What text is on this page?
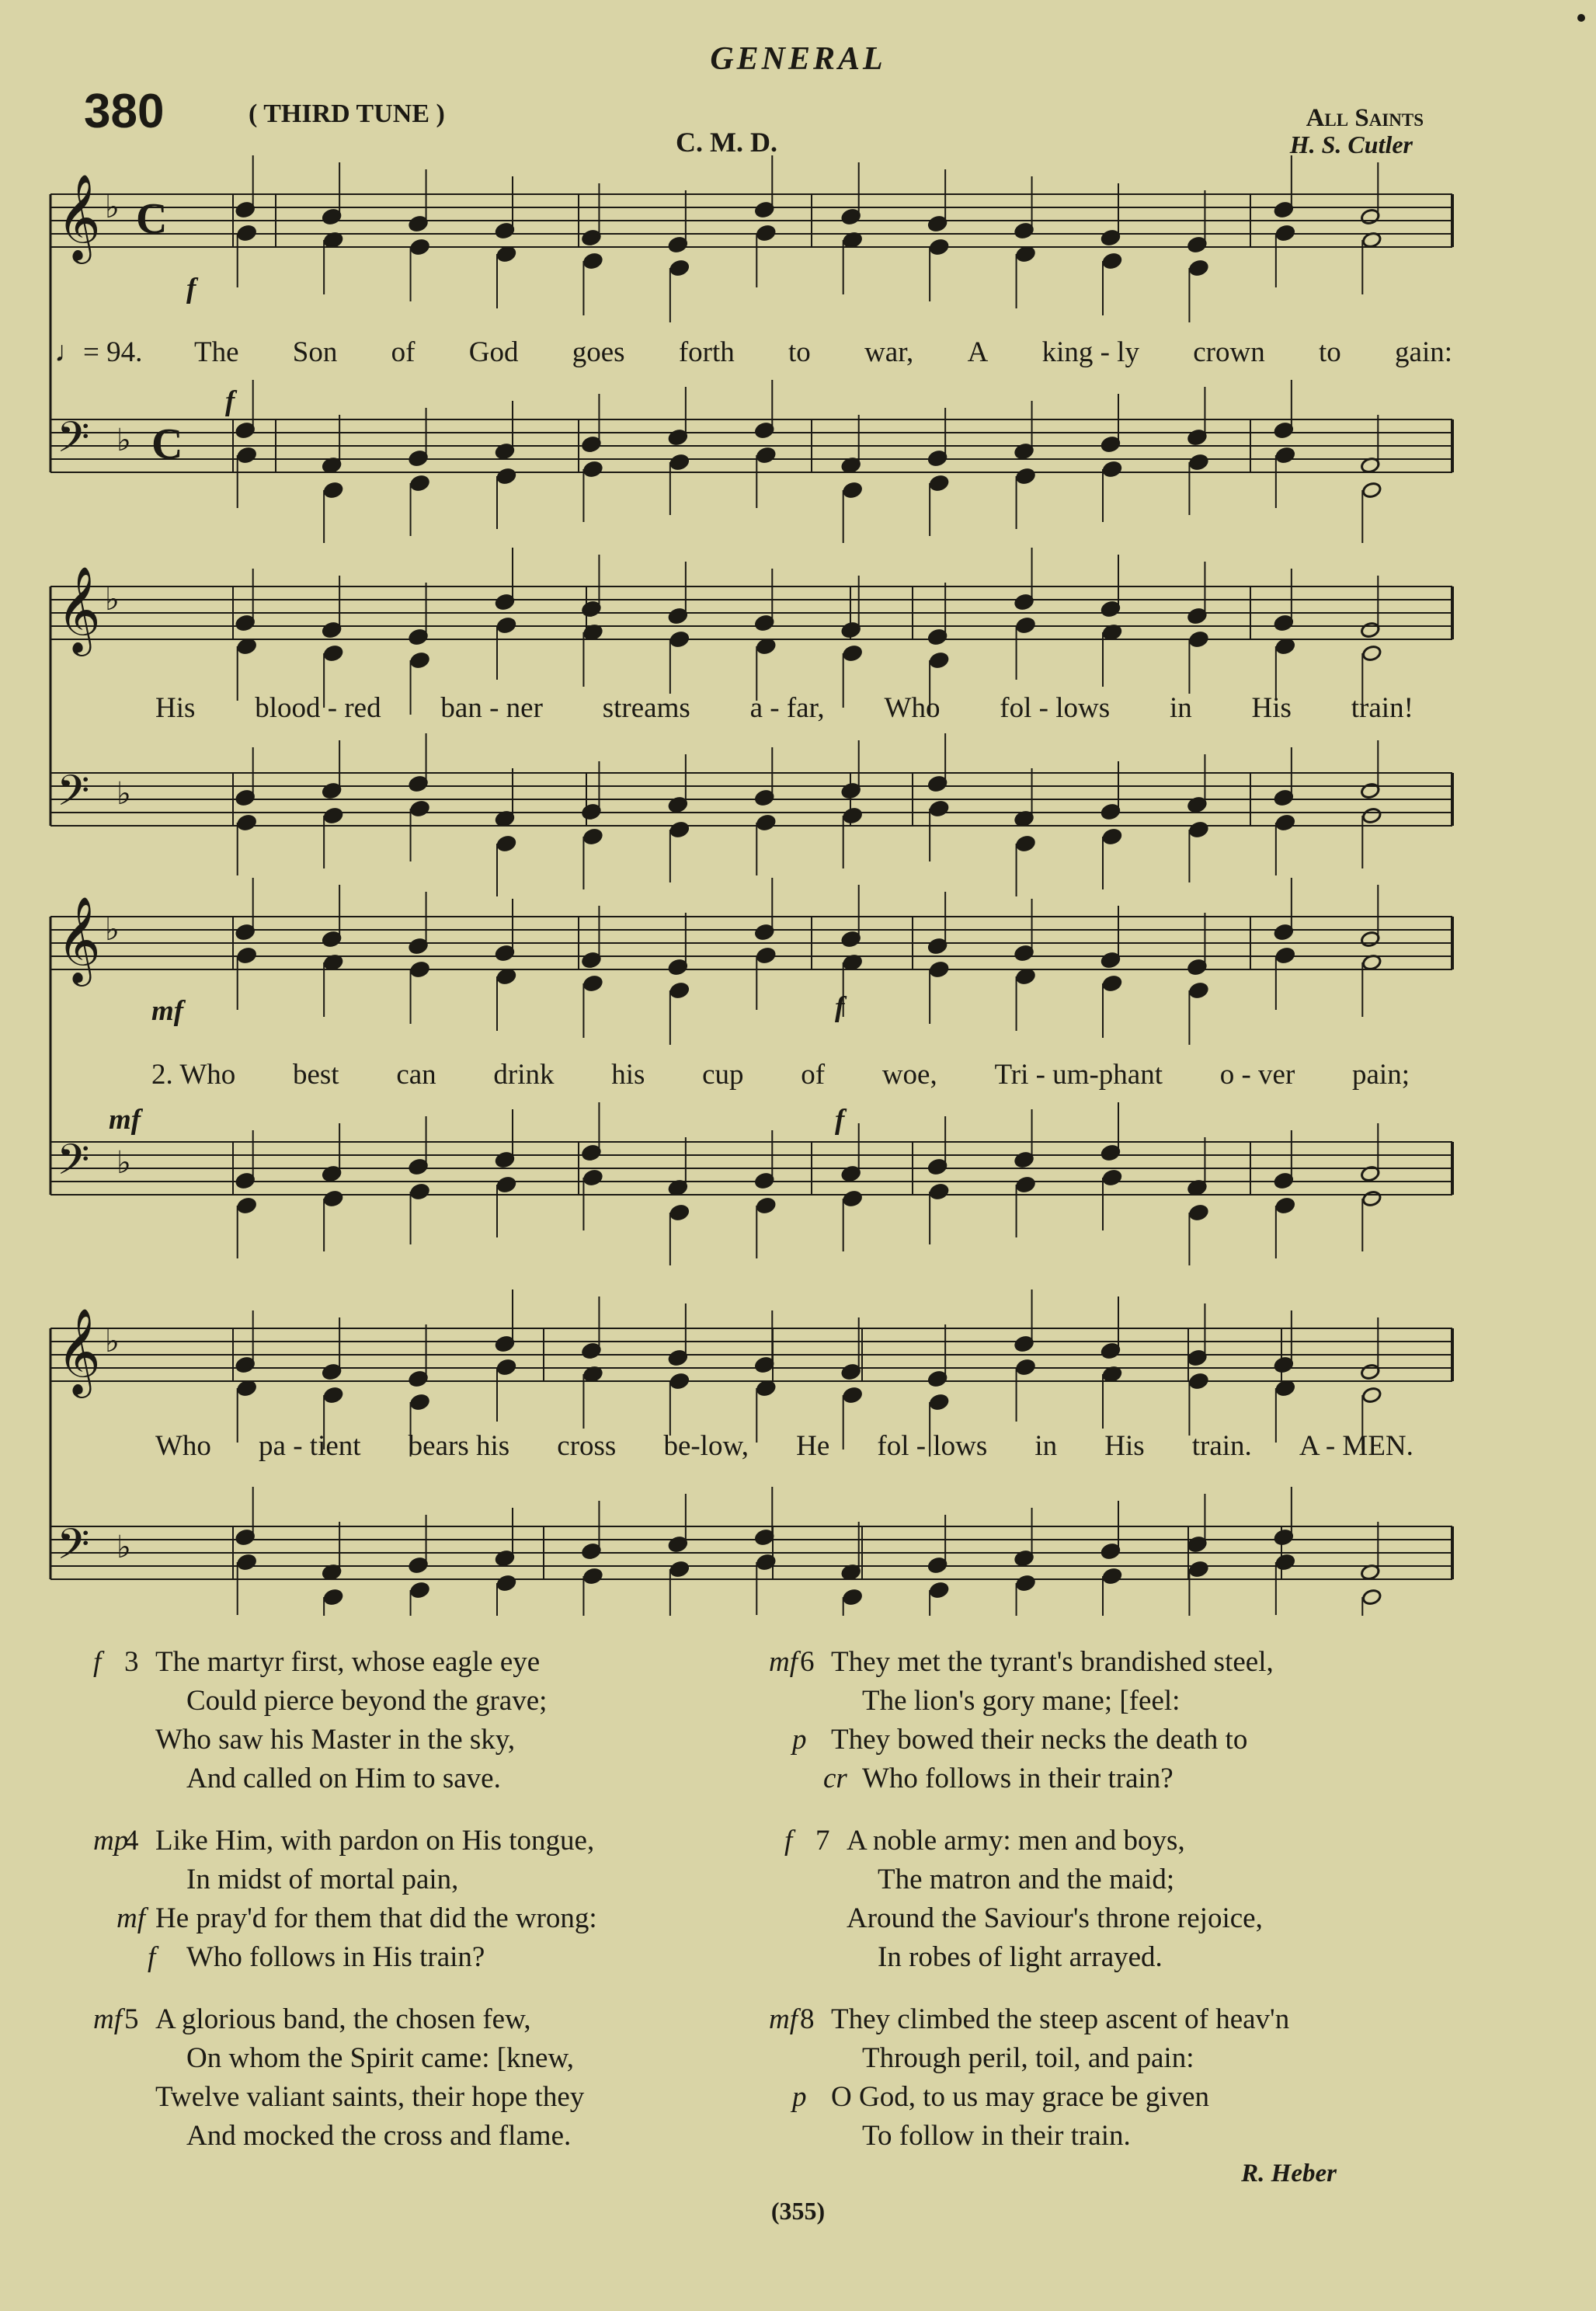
GENERAL
380	( THIRD TUNE )
C. M. D.
All Saints
H. S. Cutler
𝄞
𝄢
♭
♭
C
C
𝄞
𝄢
♭
♭
𝄞
𝄢
♭
♭
𝄞
𝄢
♭
♭
The Son of God goes forth to war, A king - ly crown to gain:
His blood - red ban - ner streams a - far, Who fol - lows in His train!
2. Who best can drink his cup of woe, Tri - um-phant o - ver pain;
Who pa - tient bears his cross be-low, He fol - lows in His train. A - MEN.
♩= 94.
f
f
mf
mf
f
f
f 3 The martyr first, whose eagle eye
Could pierce beyond the grave;
Who saw his Master in the sky,
And called on Him to save.
mp
4 Like Him, with pardon on His tongue,
In midst of mortal pain,
mf He pray'd for them that did the wrong:
f Who follows in His train?
mf 5 A glorious band, the chosen few,
On whom the Spirit came: [knew,
Twelve valiant saints, their hope they
And mocked the cross and flame.
mf 6 They met the tyrant's brandished steel,
The lion's gory mane; [feel:
p They bowed their necks the death to
cr Who follows in their train?
f 7 A noble army: men and boys,
The matron and the maid;
Around the Saviour's throne rejoice,
In robes of light arrayed.
mf 8 They climbed the steep ascent of heav'n
Through peril, toil, and pain:
p O God, to us may grace be given
To follow in their train.
R. Heber
(355)
